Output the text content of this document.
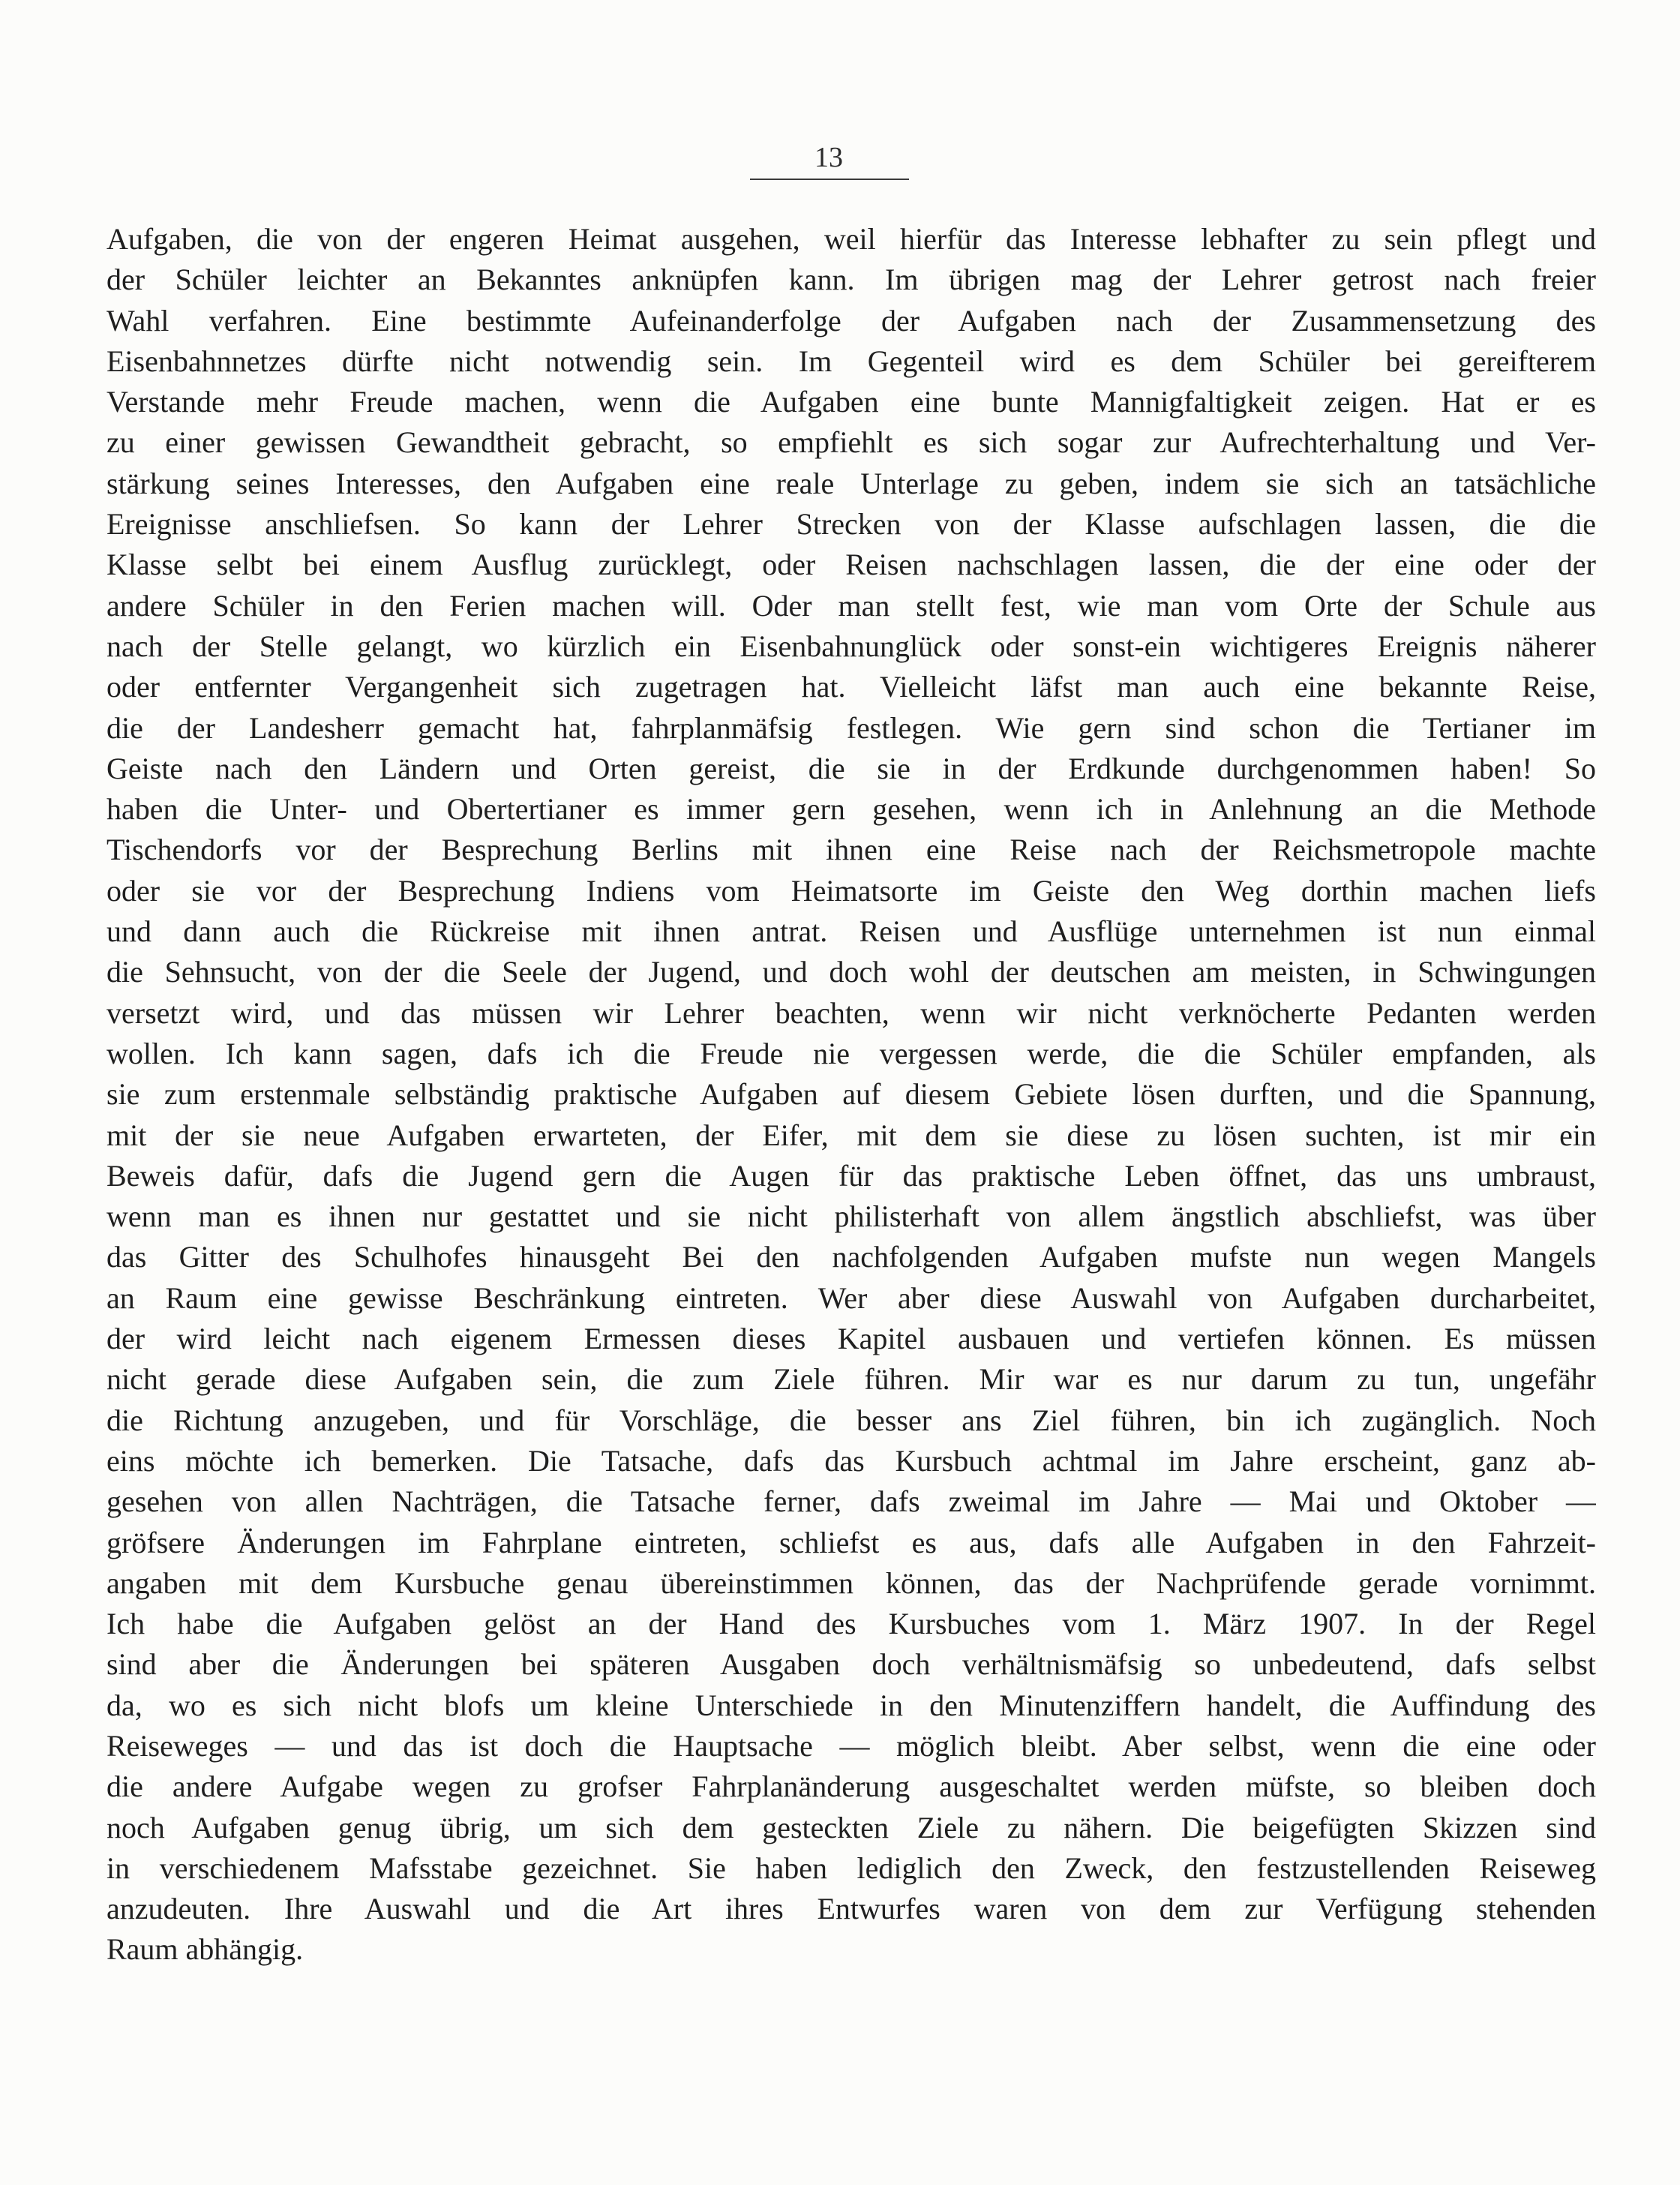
13
Aufgaben, die von der engeren Heimat ausgehen, weil hierfür das Interesse lebhafter zu sein pflegt und
der Schüler leichter an Bekanntes anknüpfen kann. Im übrigen mag der Lehrer getrost nach freier
Wahl verfahren. Eine bestimmte Aufeinanderfolge der Aufgaben nach der Zusammensetzung des
Eisenbahnnetzes dürfte nicht notwendig sein. Im Gegenteil wird es dem Schüler bei gereifterem
Verstande mehr Freude machen, wenn die Aufgaben eine bunte Mannigfaltigkeit zeigen. Hat er es
zu einer gewissen Gewandtheit gebracht, so empfiehlt es sich sogar zur Aufrechterhaltung und Ver-
stärkung seines Interesses, den Aufgaben eine reale Unterlage zu geben, indem sie sich an tatsächliche
Ereignisse anschliefsen. So kann der Lehrer Strecken von der Klasse aufschlagen lassen, die die
Klasse selbt bei einem Ausflug zurücklegt, oder Reisen nachschlagen lassen, die der eine oder der
andere Schüler in den Ferien machen will. Oder man stellt fest, wie man vom Orte der Schule aus
nach der Stelle gelangt, wo kürzlich ein Eisenbahnunglück oder sonst-ein wichtigeres Ereignis näherer
oder entfernter Vergangenheit sich zugetragen hat. Vielleicht läfst man auch eine bekannte Reise,
die der Landesherr gemacht hat, fahrplanmäfsig festlegen. Wie gern sind schon die Tertianer im
Geiste nach den Ländern und Orten gereist, die sie in der Erdkunde durchgenommen haben! So
haben die Unter- und Obertertianer es immer gern gesehen, wenn ich in Anlehnung an die Methode
Tischendorfs vor der Besprechung Berlins mit ihnen eine Reise nach der Reichsmetropole machte
oder sie vor der Besprechung Indiens vom Heimatsorte im Geiste den Weg dorthin machen liefs
und dann auch die Rückreise mit ihnen antrat. Reisen und Ausflüge unternehmen ist nun einmal
die Sehnsucht, von der die Seele der Jugend, und doch wohl der deutschen am meisten, in Schwingungen
versetzt wird, und das müssen wir Lehrer beachten, wenn wir nicht verknöcherte Pedanten werden
wollen. Ich kann sagen, dafs ich die Freude nie vergessen werde, die die Schüler empfanden, als
sie zum erstenmale selbständig praktische Aufgaben auf diesem Gebiete lösen durften, und die Spannung,
mit der sie neue Aufgaben erwarteten, der Eifer, mit dem sie diese zu lösen suchten, ist mir ein
Beweis dafür, dafs die Jugend gern die Augen für das praktische Leben öffnet, das uns umbraust,
wenn man es ihnen nur gestattet und sie nicht philisterhaft von allem ängstlich abschliefst, was über
das Gitter des Schulhofes hinausgeht Bei den nachfolgenden Aufgaben mufste nun wegen Mangels
an Raum eine gewisse Beschränkung eintreten. Wer aber diese Auswahl von Aufgaben durcharbeitet,
der wird leicht nach eigenem Ermessen dieses Kapitel ausbauen und vertiefen können. Es müssen
nicht gerade diese Aufgaben sein, die zum Ziele führen. Mir war es nur darum zu tun, ungefähr
die Richtung anzugeben, und für Vorschläge, die besser ans Ziel führen, bin ich zugänglich. Noch
eins möchte ich bemerken. Die Tatsache, dafs das Kursbuch achtmal im Jahre erscheint, ganz ab-
gesehen von allen Nachträgen, die Tatsache ferner, dafs zweimal im Jahre — Mai und Oktober —
gröfsere Änderungen im Fahrplane eintreten, schliefst es aus, dafs alle Aufgaben in den Fahrzeit-
angaben mit dem Kursbuche genau übereinstimmen können, das der Nachprüfende gerade vornimmt.
Ich habe die Aufgaben gelöst an der Hand des Kursbuches vom 1. März 1907. In der Regel
sind aber die Änderungen bei späteren Ausgaben doch verhältnismäfsig so unbedeutend, dafs selbst
da, wo es sich nicht blofs um kleine Unterschiede in den Minutenziffern handelt, die Auffindung des
Reiseweges — und das ist doch die Hauptsache — möglich bleibt. Aber selbst, wenn die eine oder
die andere Aufgabe wegen zu grofser Fahrplanänderung ausgeschaltet werden müfste, so bleiben doch
noch Aufgaben genug übrig, um sich dem gesteckten Ziele zu nähern. Die beigefügten Skizzen sind
in verschiedenem Mafsstabe gezeichnet. Sie haben lediglich den Zweck, den festzustellenden Reiseweg
anzudeuten. Ihre Auswahl und die Art ihres Entwurfes waren von dem zur Verfügung stehenden
Raum abhängig.
